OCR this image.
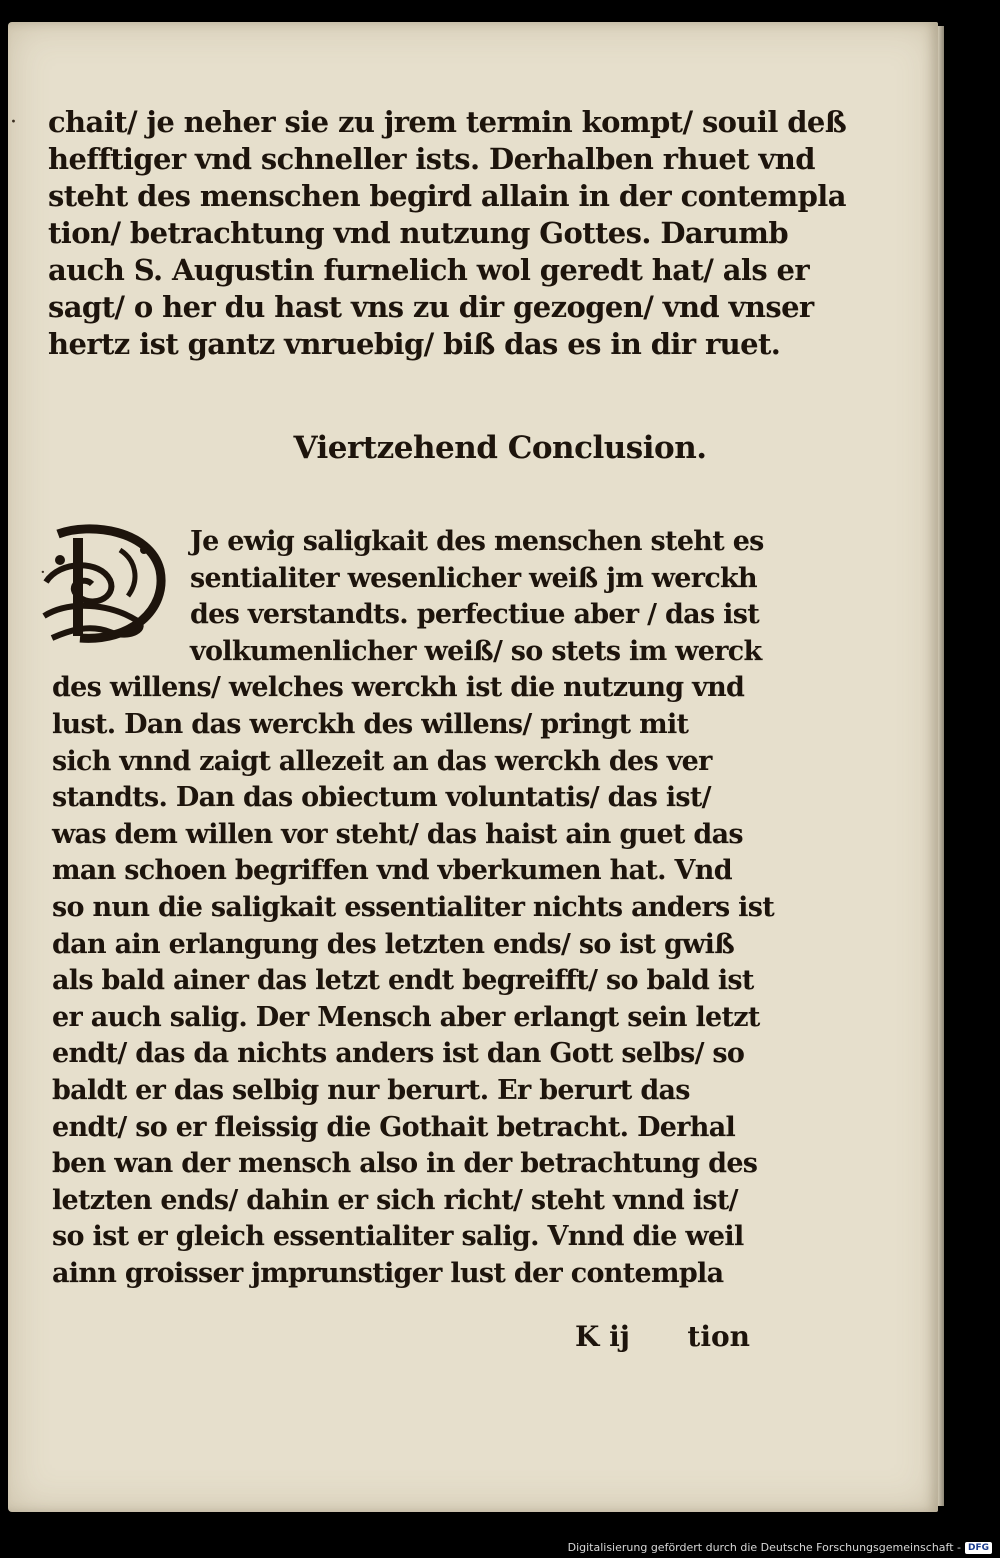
·
·
chait/ je neher sie zu jrem termin kompt/ souil deß
hefftiger vnd schneller ists. Derhalben rhuet vnd
steht des menschen begird allain in der contempla
tion/ betrachtung vnd nutzung Gottes. Darumb
auch S. Augustin furnelich wol geredt hat/ als er
sagt/ o her du hast vns zu dir gezogen/ vnd vnser
hertz ist gantz vnruebig/ biß das es in dir ruet.
Viertzehend Conclusion.
Je ewig saligkait des menschen steht es
sentialiter wesenlicher weiß jm werckh
des verstandts. perfectiue aber / das ist
volkumenlicher weiß/ so stets im werck
des willens/ welches werckh ist die nutzung vnd
lust. Dan das werckh des willens/ pringt mit
sich vnnd zaigt allezeit an das werckh des ver
standts. Dan das obiectum voluntatis/ das ist/
was dem willen vor steht/ das haist ain guet das
man schoen begriffen vnd vberkumen hat. Vnd
so nun die saligkait essentialiter nichts anders ist
dan ain erlangung des letzten ends/ so ist gwiß
als bald ainer das letzt endt begreifft/ so bald ist
er auch salig. Der Mensch aber erlangt sein letzt
endt/ das da nichts anders ist dan Gott selbs/ so
baldt er das selbig nur berurt. Er berurt das
endt/ so er fleissig die Gothait betracht. Derhal
ben wan der mensch also in der betrachtung des
letzten ends/ dahin er sich richt/ steht vnnd ist/
so ist er gleich essentialiter salig. Vnnd die weil
ainn groisser jmprunstiger lust der contempla
K ij tion
Digitalisierung gefördert durch die Deutsche Forschungsgemeinschaft - DFG
